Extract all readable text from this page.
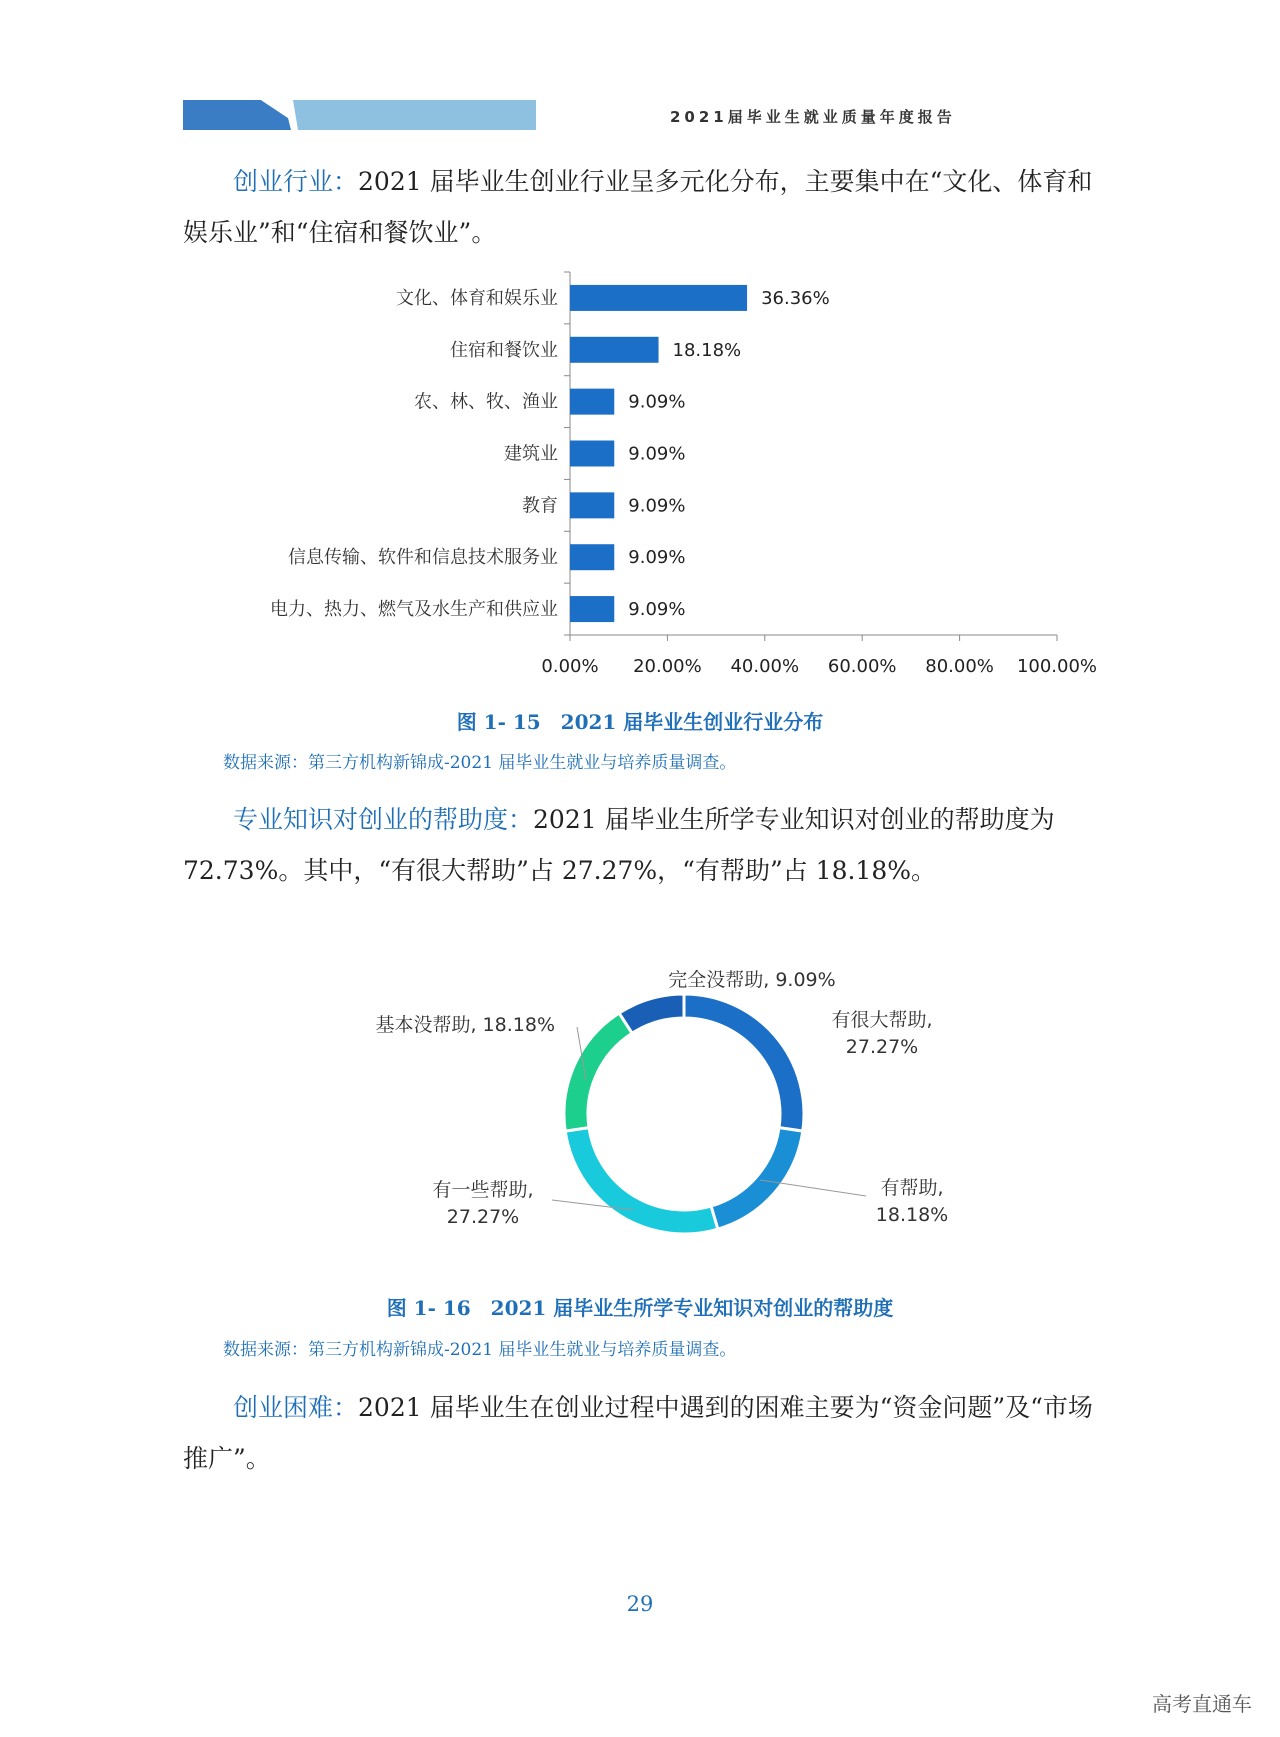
2021届毕业生就业质量年度报告
创业行业：2021 届毕业生创业行业呈多元化分布，主要集中在“文化、体育和娱乐业”和“住宿和餐饮业”。
文化、体育和娱乐业	36.36%
住宿和餐饮业	18.18%
农、林、牧、渔业	9.09%
建筑业	9.09%
教育	9.09%
信息传输、软件和信息技术服务业	9.09%
电力、热力、燃气及水生产和供应业	9.09%
0.00% 20.00% 40.00% 60.00% 80.00% 100.00%
图 1- 15　2021 届毕业生创业行业分布
数据来源：第三方机构新锦成-2021 届毕业生就业与培养质量调查。
专业知识对创业的帮助度：2021 届毕业生所学专业知识对创业的帮助度为 72.73%。其中，“有很大帮助”占 27.27%，“有帮助”占 18.18%。
有很大帮助,
27.27%
有帮助,
18.18%
有一些帮助,
27.27%
基本没帮助, 18.18%
完全没帮助, 9.09%
图 1- 16　2021 届毕业生所学专业知识对创业的帮助度
数据来源：第三方机构新锦成-2021 届毕业生就业与培养质量调查。
创业困难：2021 届毕业生在创业过程中遇到的困难主要为“资金问题”及“市场推广”。
29
高考直通车
